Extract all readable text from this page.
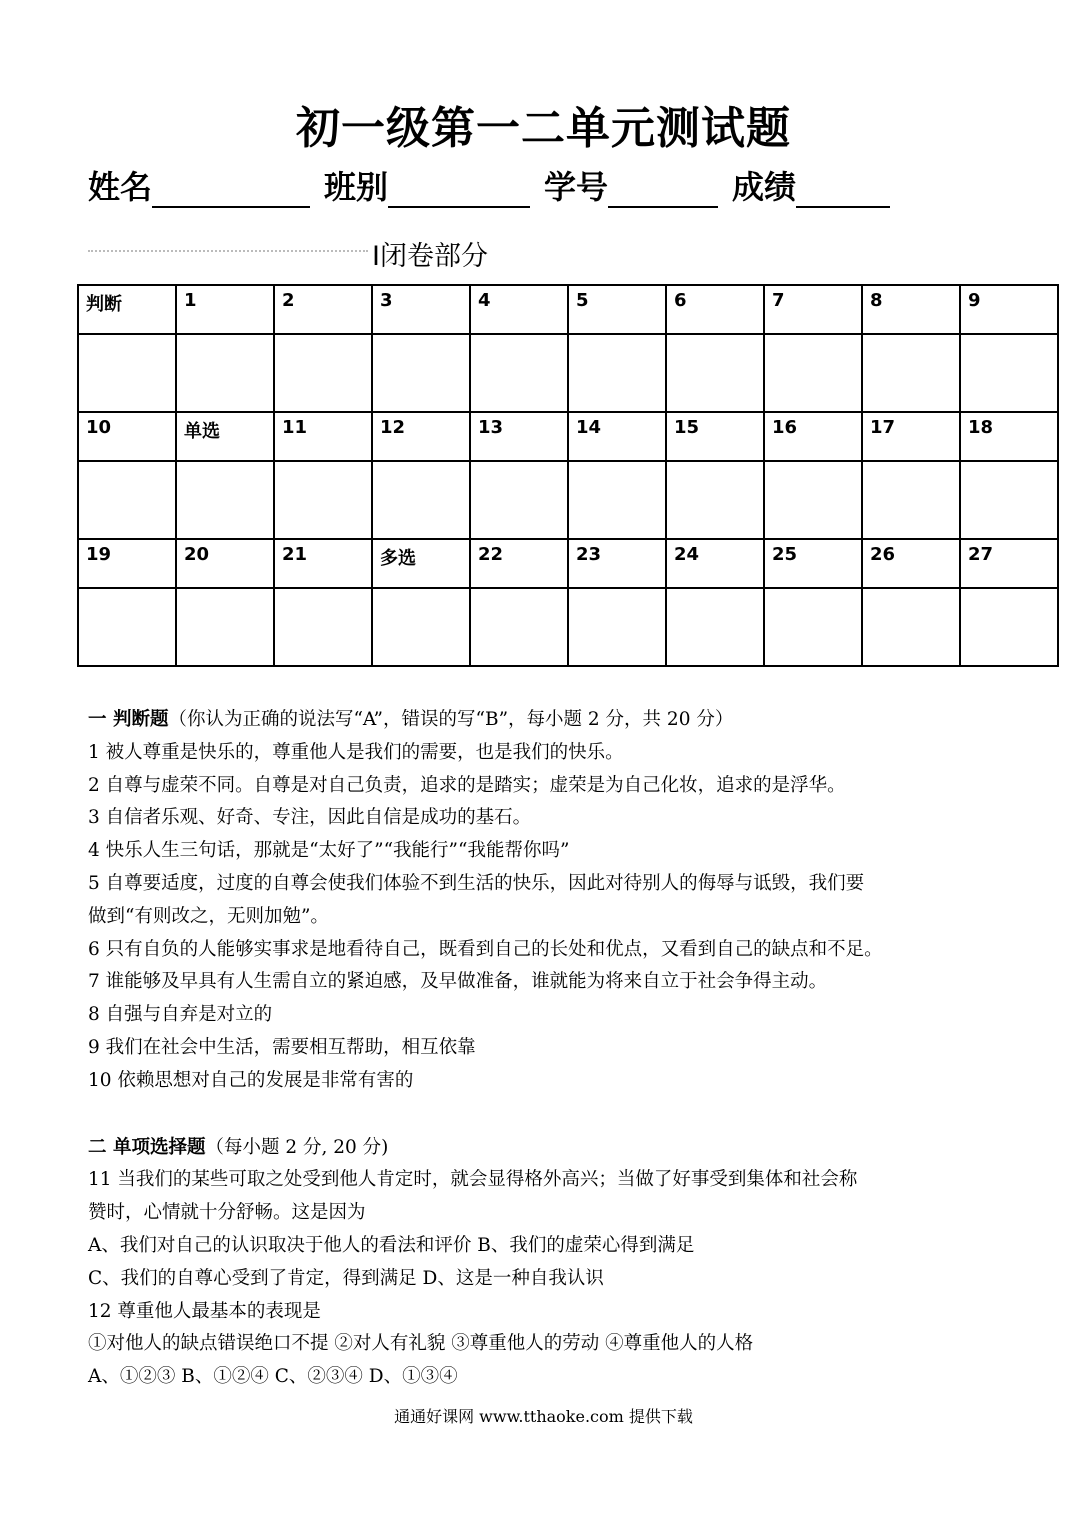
初一级第一二单元测试题
姓名	班别	学号	成绩
Ⅰ闭卷部分
判断	1	2	3	4	5	6	7	8	9

10	单选	11	12	13	14	15	16	17	18

19	20	21	多选	22	23	24	25	26	27

一 判断题（你认为正确的说法写“A”，错误的写“B”，每小题 2 分，共 20 分）

1 被人尊重是快乐的，尊重他人是我们的需要，也是我们的快乐。

2 自尊与虚荣不同。自尊是对自己负责，追求的是踏实；虚荣是为自己化妆，追求的是浮华。

3 自信者乐观、好奇、专注，因此自信是成功的基石。

4 快乐人生三句话，那就是“太好了”“我能行”“我能帮你吗”

5 自尊要适度，过度的自尊会使我们体验不到生活的快乐，因此对待别人的侮辱与诋毁，我们要

做到“有则改之，无则加勉”。

6 只有自负的人能够实事求是地看待自己，既看到自己的长处和优点，又看到自己的缺点和不足。

7 谁能够及早具有人生需自立的紧迫感，及早做准备，谁就能为将来自立于社会争得主动。

8 自强与自弃是对立的

9 我们在社会中生活，需要相互帮助，相互依靠

10 依赖思想对自己的发展是非常有害的

二 单项选择题（每小题 2 分, 20 分)

11 当我们的某些可取之处受到他人肯定时，就会显得格外高兴；当做了好事受到集体和社会称

赞时，心情就十分舒畅。这是因为

A、我们对自己的认识取决于他人的看法和评价 B、我们的虚荣心得到满足

C、我们的自尊心受到了肯定，得到满足 D、这是一种自我认识

12 尊重他人最基本的表现是

①对他人的缺点错误绝口不提 ②对人有礼貌 ③尊重他人的劳动 ④尊重他人的人格

A、①②③ B、①②④ C、②③④ D、①③④

通通好课网 www.tthaoke.com 提供下载
